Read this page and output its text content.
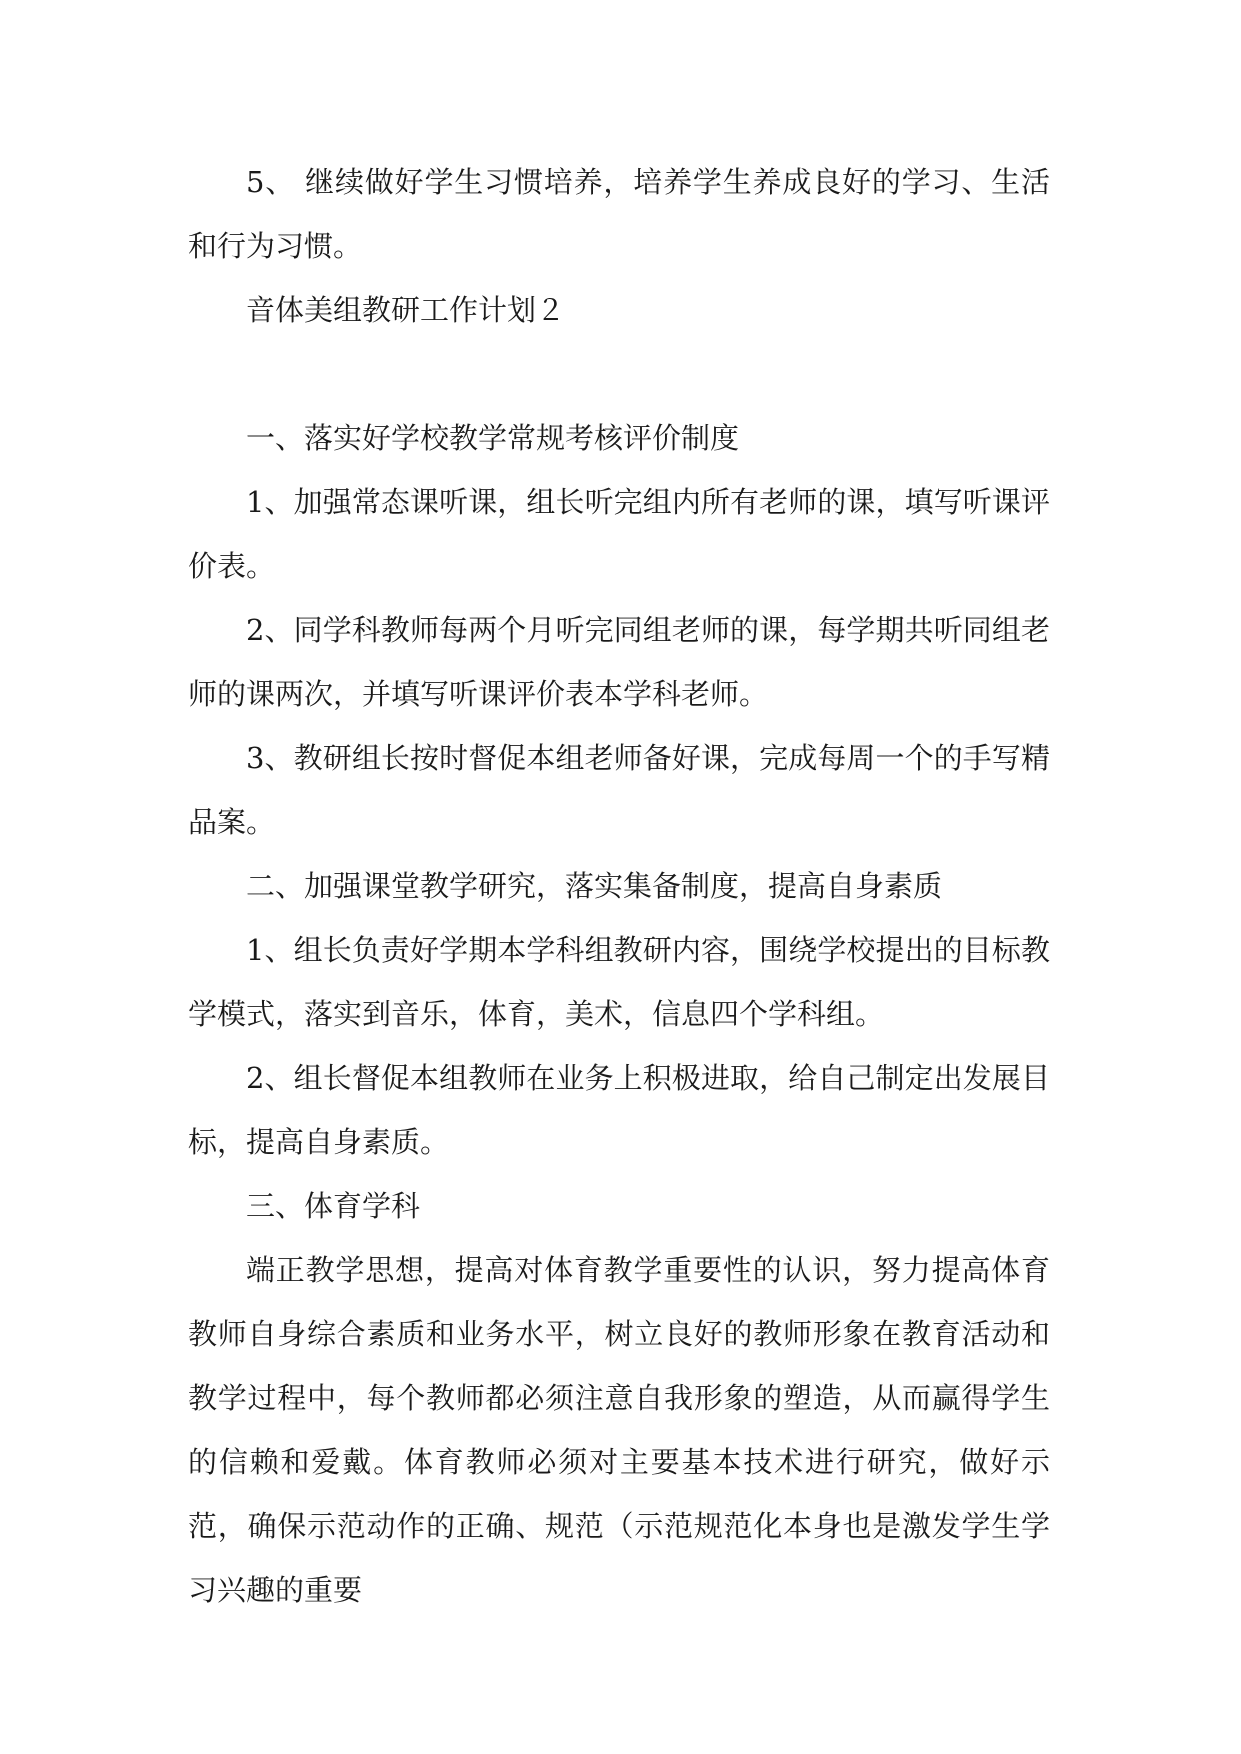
5、 继续做好学生习惯培养，培养学生养成良好的学习、生活和行为习惯。

音体美组教研工作计划２

一、落实好学校教学常规考核评价制度

1、加强常态课听课，组长听完组内所有老师的课，填写听课评价表。

2、同学科教师每两个月听完同组老师的课，每学期共听同组老师的课两次，并填写听课评价表本学科老师。

3、教研组长按时督促本组老师备好课，完成每周一个的手写精品案。

二、加强课堂教学研究，落实集备制度，提高自身素质

1、组长负责好学期本学科组教研内容，围绕学校提出的目标教学模式，落实到音乐，体育，美术，信息四个学科组。

2、组长督促本组教师在业务上积极进取，给自己制定出发展目标，提高自身素质。

三、体育学科

端正教学思想，提高对体育教学重要性的认识，努力提高体育教师自身综合素质和业务水平，树立良好的教师形象在教育活动和教学过程中，每个教师都必须注意自我形象的塑造，从而赢得学生的信赖和爱戴。体育教师必须对主要基本技术进行研究，做好示范，确保示范动作的正确、规范（示范规范化本身也是激发学生学习兴趣的重要
